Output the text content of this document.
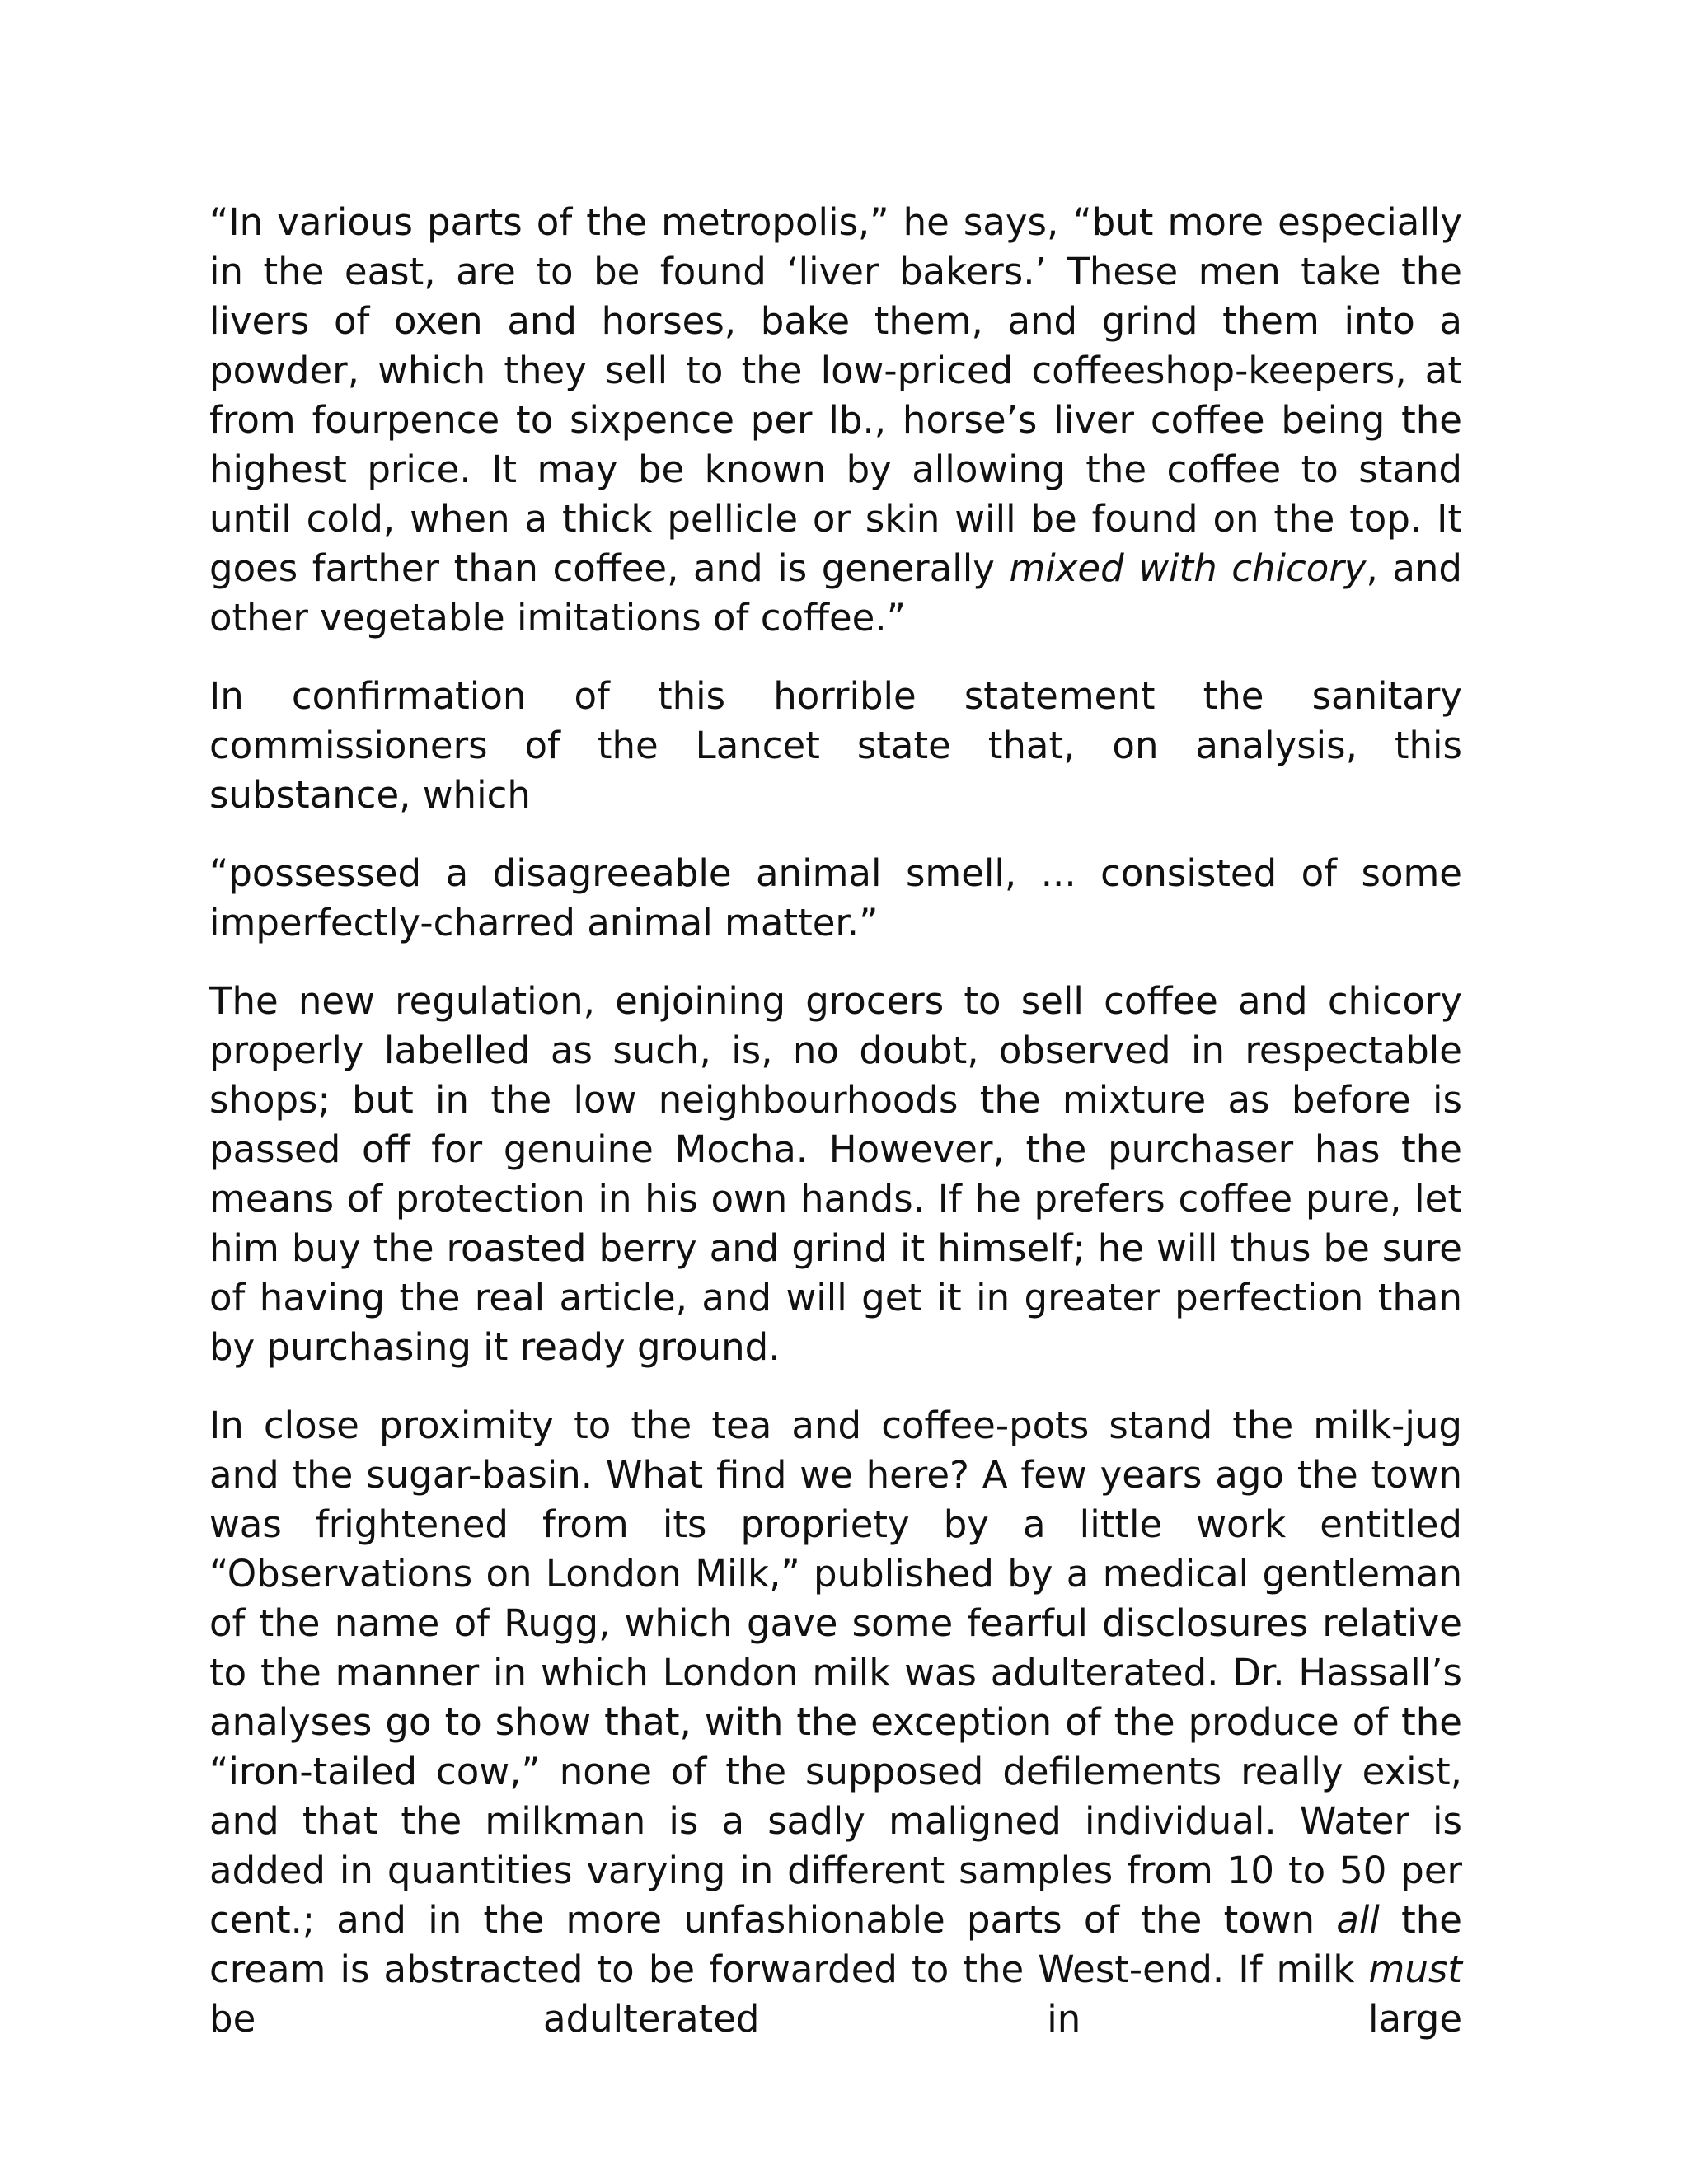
“In various parts of the metropolis,” he says, “but more especially in the east, are to be found ‘liver bakers.’ These men take the livers of oxen and horses, bake them, and grind them into a powder, which they sell to the low-priced coffeeshop-keepers, at from fourpence to sixpence per lb., horse’s liver coffee being the highest price. It may be known by allowing the coffee to stand until cold, when a thick pellicle or skin will be found on the top. It goes farther than coffee, and is generally mixed with chicory, and other vegetable imitations of coffee.”

In confirmation of this horrible statement the sanitary commissioners of the Lancet state that, on analysis, this substance, which

“possessed a disagreeable animal smell, ... consisted of some imperfectly-charred animal matter.”

The new regulation, enjoining grocers to sell coffee and chicory properly labelled as such, is, no doubt, observed in respectable shops; but in the low neighbourhoods the mixture as before is passed off for genuine Mocha. However, the purchaser has the means of protection in his own hands. If he prefers coffee pure, let him buy the roasted berry and grind it himself; he will thus be sure of having the real article, and will get it in greater perfection than by purchasing it ready ground.

In close proximity to the tea and coffee-pots stand the milk-jug and the sugar-basin. What find we here? A few years ago the town was frightened from its propriety by a little work entitled “Observations on London Milk,” published by a medical gentleman of the name of Rugg, which gave some fearful disclosures relative to the manner in which London milk was adulterated. Dr. Hassall’s analyses go to show that, with the exception of the produce of the “iron-tailed cow,” none of the supposed defilements really exist, and that the milkman is a sadly maligned individual. Water is added in quantities varying in different samples from 10 to 50 per cent.; and in the more unfashionable parts of the town all the cream is abstracted to be forwarded to the West-end. If milk must be adulterated in large
